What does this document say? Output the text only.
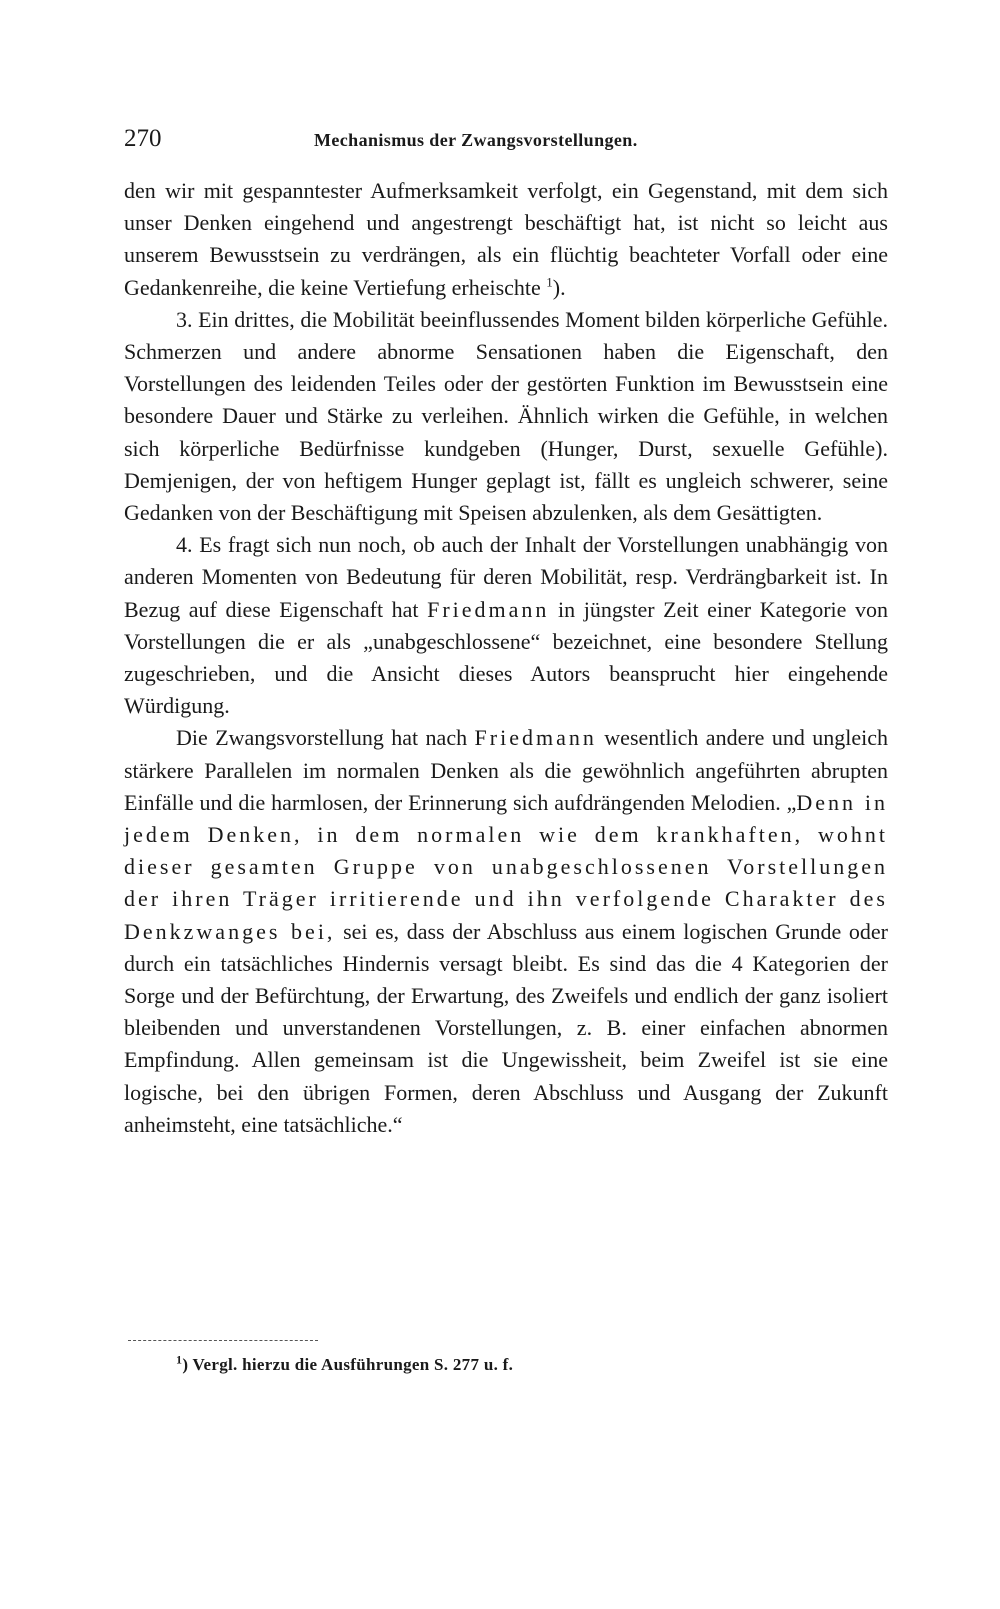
270	Mechanismus der Zwangsvorstellungen.

den wir mit gespanntester Aufmerksamkeit verfolgt, ein Gegenstand, mit dem sich unser Denken eingehend und angestrengt beschäftigt hat, ist nicht so leicht aus unserem Bewusstsein zu verdrängen, als ein flüchtig beachteter Vorfall oder eine Gedankenreihe, die keine Vertiefung erheischte $^1$).

3. Ein drittes, die Mobilität beeinflussendes Moment bilden körperliche Gefühle. Schmerzen und andere abnorme Sensationen haben die Eigenschaft, den Vorstellungen des leidenden Teiles oder der gestörten Funktion im Bewusstsein eine besondere Dauer und Stärke zu verleihen. Ähnlich wirken die Gefühle, in welchen sich körperliche Bedürfnisse kundgeben (Hunger, Durst, sexuelle Gefühle). Demjenigen, der von heftigem Hunger geplagt ist, fällt es ungleich schwerer, seine Gedanken von der Beschäftigung mit Speisen abzulenken, als dem Gesättigten.

4. Es fragt sich nun noch, ob auch der Inhalt der Vorstellungen unabhängig von anderen Momenten von Bedeutung für deren Mobilität, resp. Verdrängbarkeit ist. In Bezug auf diese Eigenschaft hat Friedmann in jüngster Zeit einer Kategorie von Vorstellungen die er als „unabgeschlossene“ bezeichnet, eine besondere Stellung zugeschrieben, und die Ansicht dieses Autors beansprucht hier eingehende Würdigung.

Die Zwangsvorstellung hat nach Friedmann wesentlich andere und ungleich stärkere Parallelen im normalen Denken als die gewöhnlich angeführten abrupten Einfälle und die harmlosen, der Erinnerung sich aufdrängenden Melodien. „Denn in jedem Denken, in dem normalen wie dem krankhaften, wohnt dieser gesamten Gruppe von unabgeschlossenen Vorstellungen der ihren Träger irritierende und ihn verfolgende Charakter des Denkzwanges bei, sei es, dass der Abschluss aus einem logischen Grunde oder durch ein tatsächliches Hindernis versagt bleibt. Es sind das die 4 Kategorien der Sorge und der Befürchtung, der Erwartung, des Zweifels und endlich der ganz isoliert bleibenden und unverstandenen Vorstellungen, z. B. einer einfachen abnormen Empfindung. Allen gemeinsam ist die Ungewissheit, beim Zweifel ist sie eine logische, bei den übrigen Formen, deren Abschluss und Ausgang der Zukunft anheimsteht, eine tatsächliche.“

$^1$) Vergl. hierzu die Ausführungen S. 277 u. f.
